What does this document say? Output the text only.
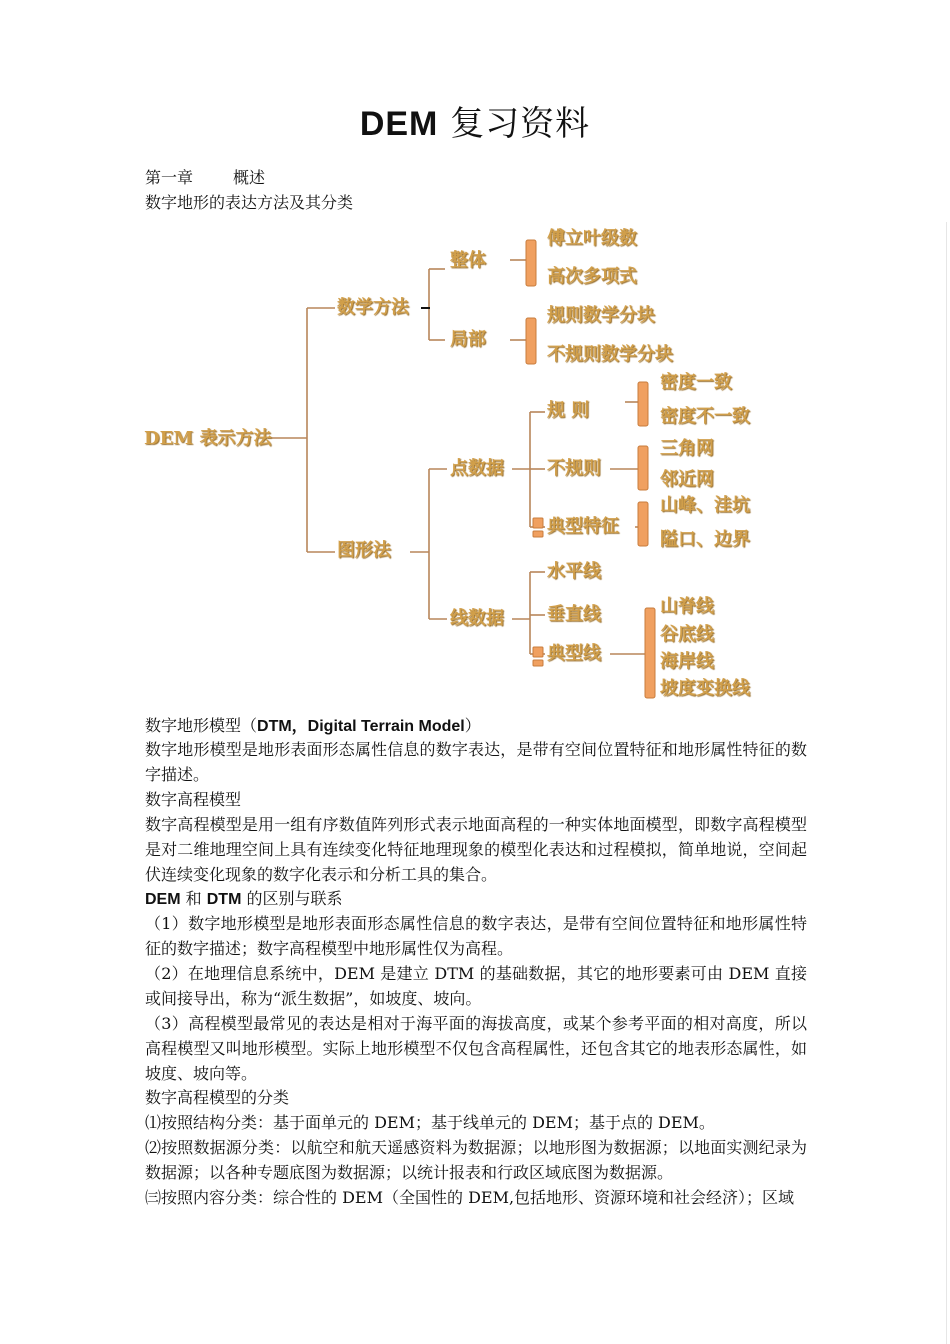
DEM 复习资料
第一章	概述
数字地形的表达方法及其分类
DEM 表示方法
数学方法
整体
傅立叶级数
高次多项式
局部
规则数学分块
不规则数学分块
图形法
点数据
规 则
密度一致
密度不一致
不规则
三角网
邻近网
典型特征
山峰、洼坑
隘口、边界
线数据
水平线
垂直线
典型线
山脊线
谷底线
海岸线
坡度变换线
数字地形模型（DTM，Digital Terrain Model）
数字地形模型是地形表面形态属性信息的数字表达，是带有空间位置特征和地形属性特征的数字描述。
数字高程模型
数字高程模型是用一组有序数值阵列形式表示地面高程的一种实体地面模型，即数字高程模型是对二维地理空间上具有连续变化特征地理现象的模型化表达和过程模拟，简单地说，空间起伏连续变化现象的数字化表示和分析工具的集合。
DEM 和 DTM 的区别与联系
（1）数字地形模型是地形表面形态属性信息的数字表达，是带有空间位置特征和地形属性特征的数字描述；数字高程模型中地形属性仅为高程。
（2）在地理信息系统中，DEM 是建立 DTM 的基础数据，其它的地形要素可由 DEM 直接或间接导出，称为“派生数据”，如坡度、坡向。
（3）高程模型最常见的表达是相对于海平面的海拔高度，或某个参考平面的相对高度，所以高程模型又叫地形模型。实际上地形模型不仅包含高程属性，还包含其它的地表形态属性，如坡度、坡向等。
数字高程模型的分类
⑴按照结构分类：基于面单元的 DEM；基于线单元的 DEM；基于点的 DEM。
⑵按照数据源分类：以航空和航天遥感资料为数据源；以地形图为数据源；以地面实测纪录为数据源；以各种专题底图为数据源；以统计报表和行政区域底图为数据源。
㈢按照内容分类：综合性的 DEM（全国性的 DEM,包括地形、资源环境和社会经济）；区域
